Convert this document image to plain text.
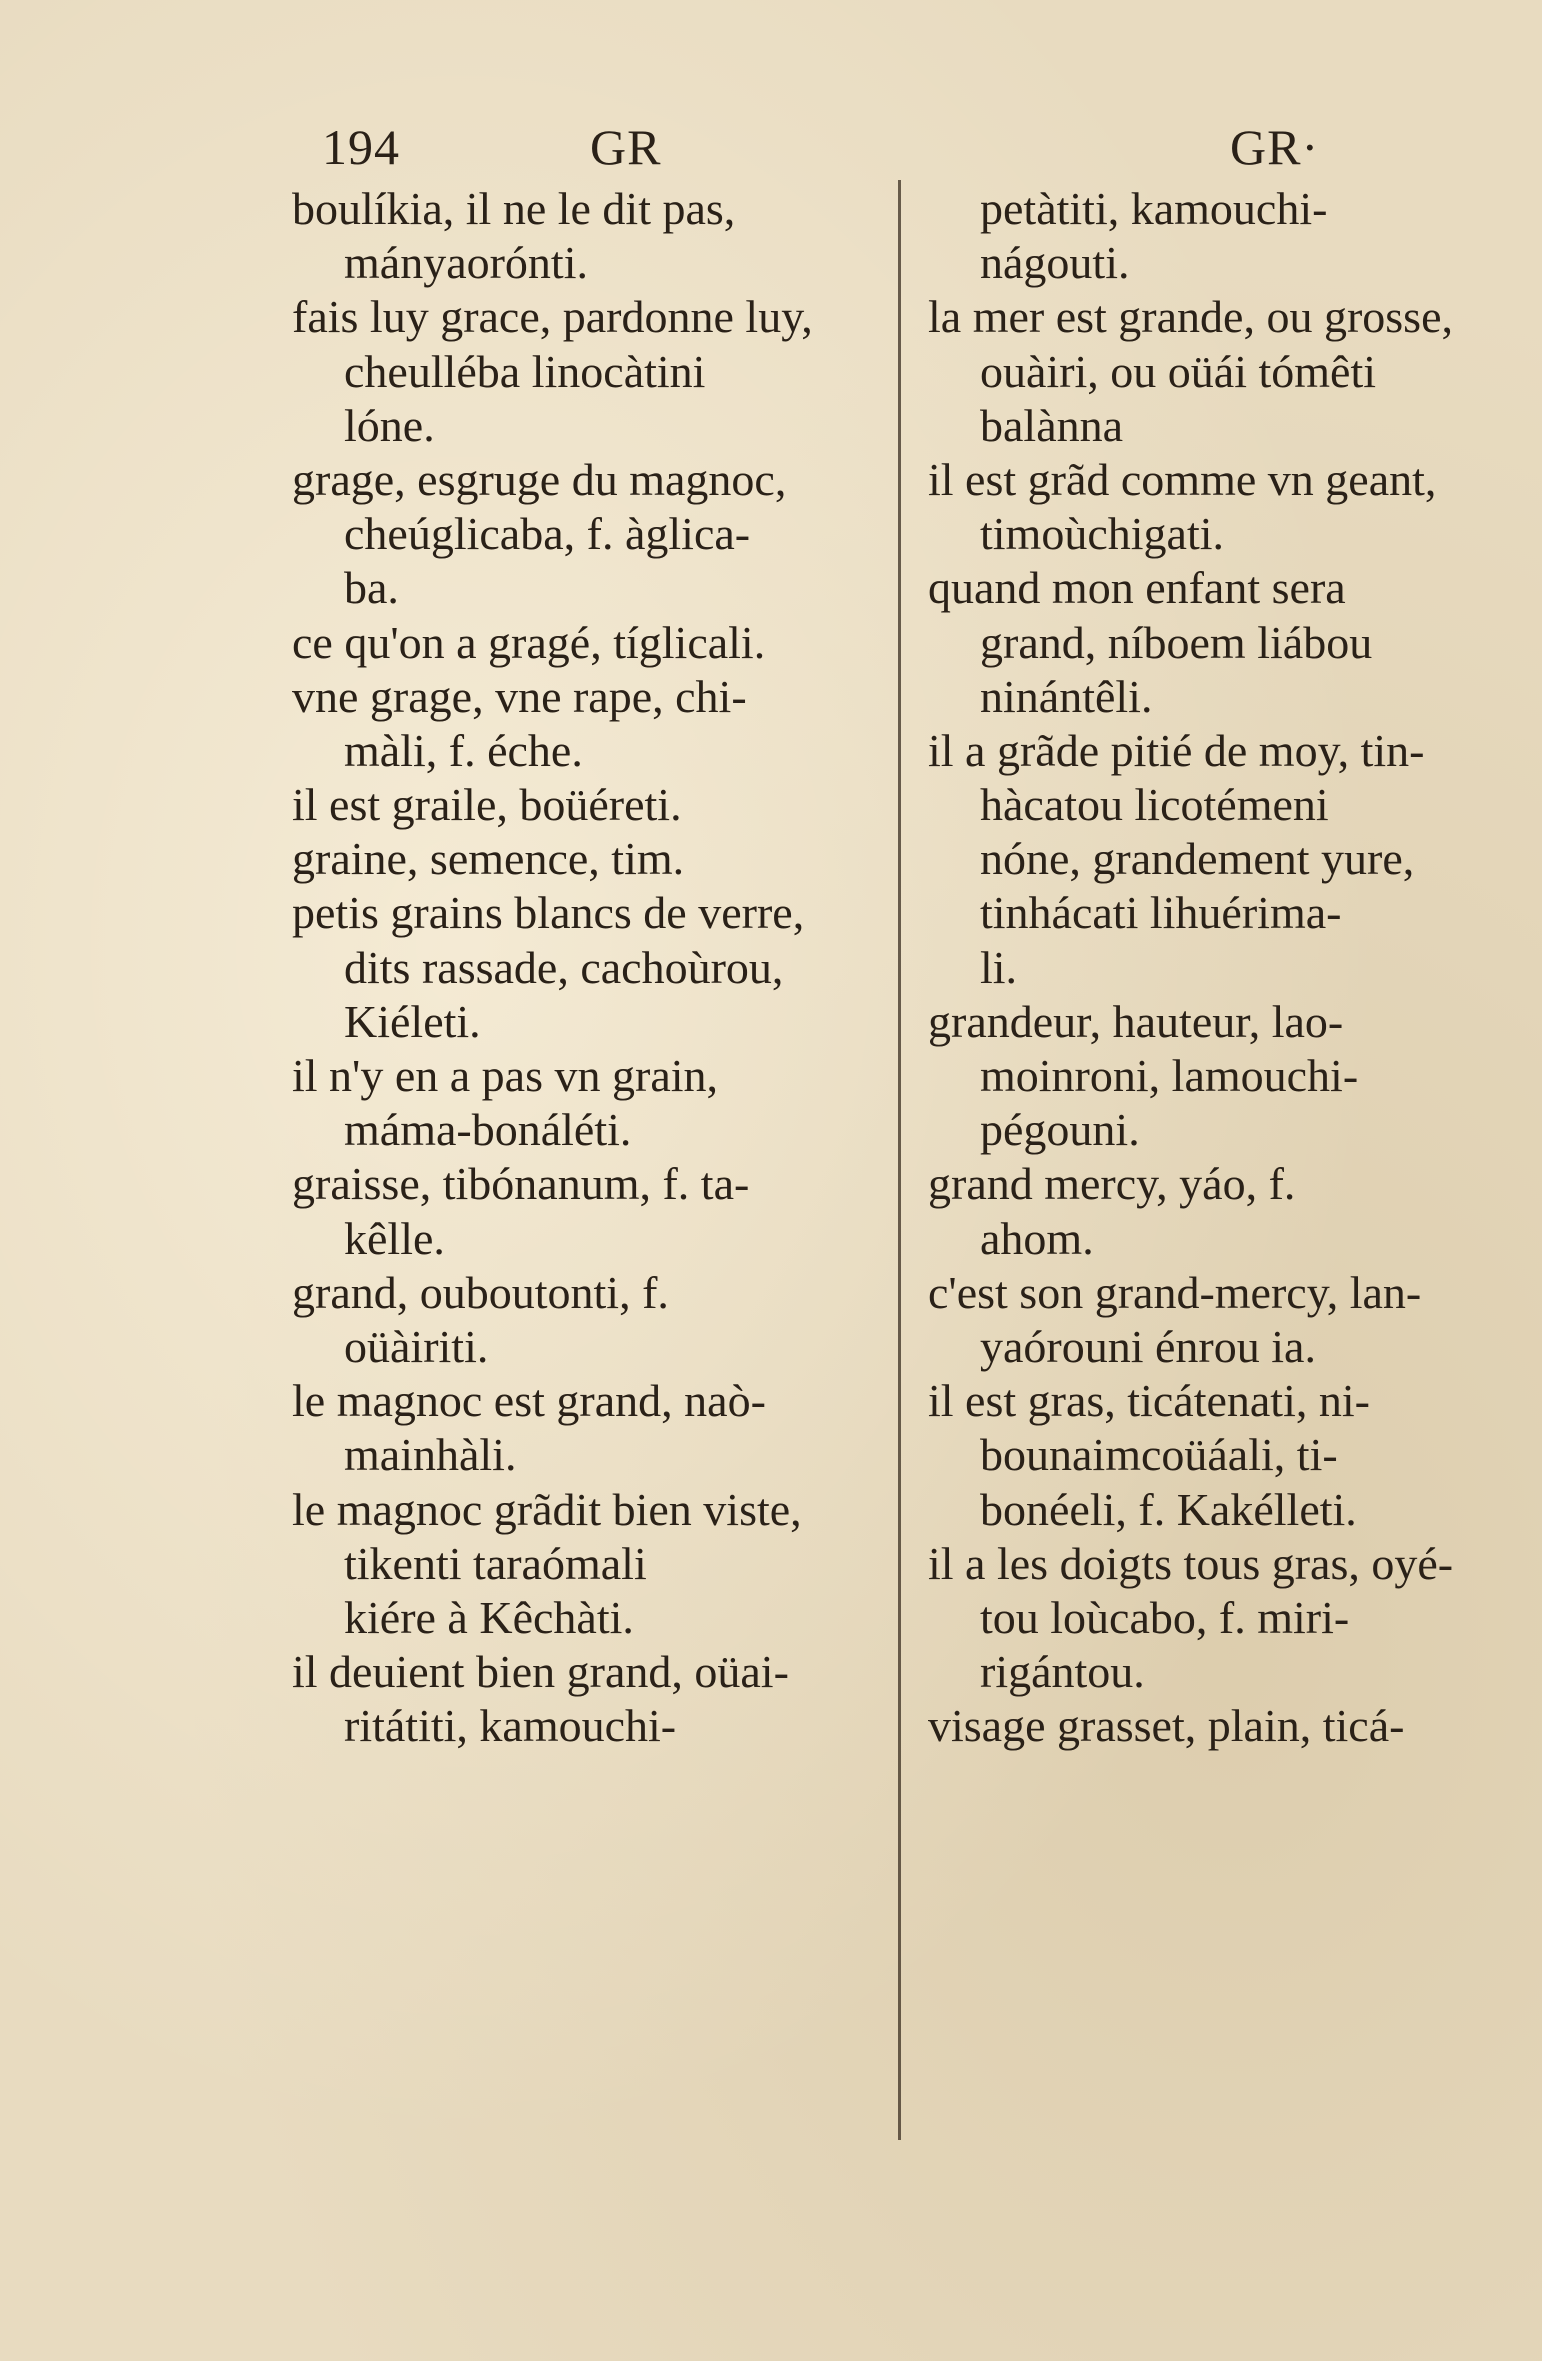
194	GR	GR·
boulíkia, il ne le dit pas,
mányaorónti.
fais luy grace, pardonne luy,
cheulléba linocàtini
lóne.
grage, esgruge du magnoc,
cheúglicaba, f. àglica-
ba.
ce qu'on a gragé, tíglicali.
vne grage, vne rape, chi-
màli, f. éche.
il est graile, boüéreti.
graine, semence, tim.
petis grains blancs de verre,
dits rassade, cachoùrou,
Kiéleti.
il n'y en a pas vn grain,
máma-bonáléti.
graisse, tibónanum, f. ta-
kêlle.
grand, ouboutonti, f.
oüàiriti.
le magnoc est grand, naò-
mainhàli.
le magnoc grãdit bien viste,
tikenti taraómali
kiére à Kêchàti.
il deuient bien grand, oüai-
ritátiti, kamouchi-
petàtiti, kamouchi-
nágouti.
la mer est grande, ou grosse,
ouàiri, ou oüái tómêti
balànna
il est grãd comme vn geant,
timoùchigati.
quand mon enfant sera
grand, níboem liábou
ninántêli.
il a grãde pitié de moy, tin-
hàcatou licotémeni
nóne, grandement yure,
tinhácati lihuérima-
li.
grandeur, hauteur, lao-
moinroni, lamouchi-
pégouni.
grand mercy, yáo, f.
ahom.
c'est son grand-mercy, lan-
yaórouni énrou ia.
il est gras, ticátenati, ni-
bounaimcoüáali, ti-
bonéeli, f. Kakélleti.
il a les doigts tous gras, oyé-
tou loùcabo, f. miri-
rigántou.
visage grasset, plain, ticá-
